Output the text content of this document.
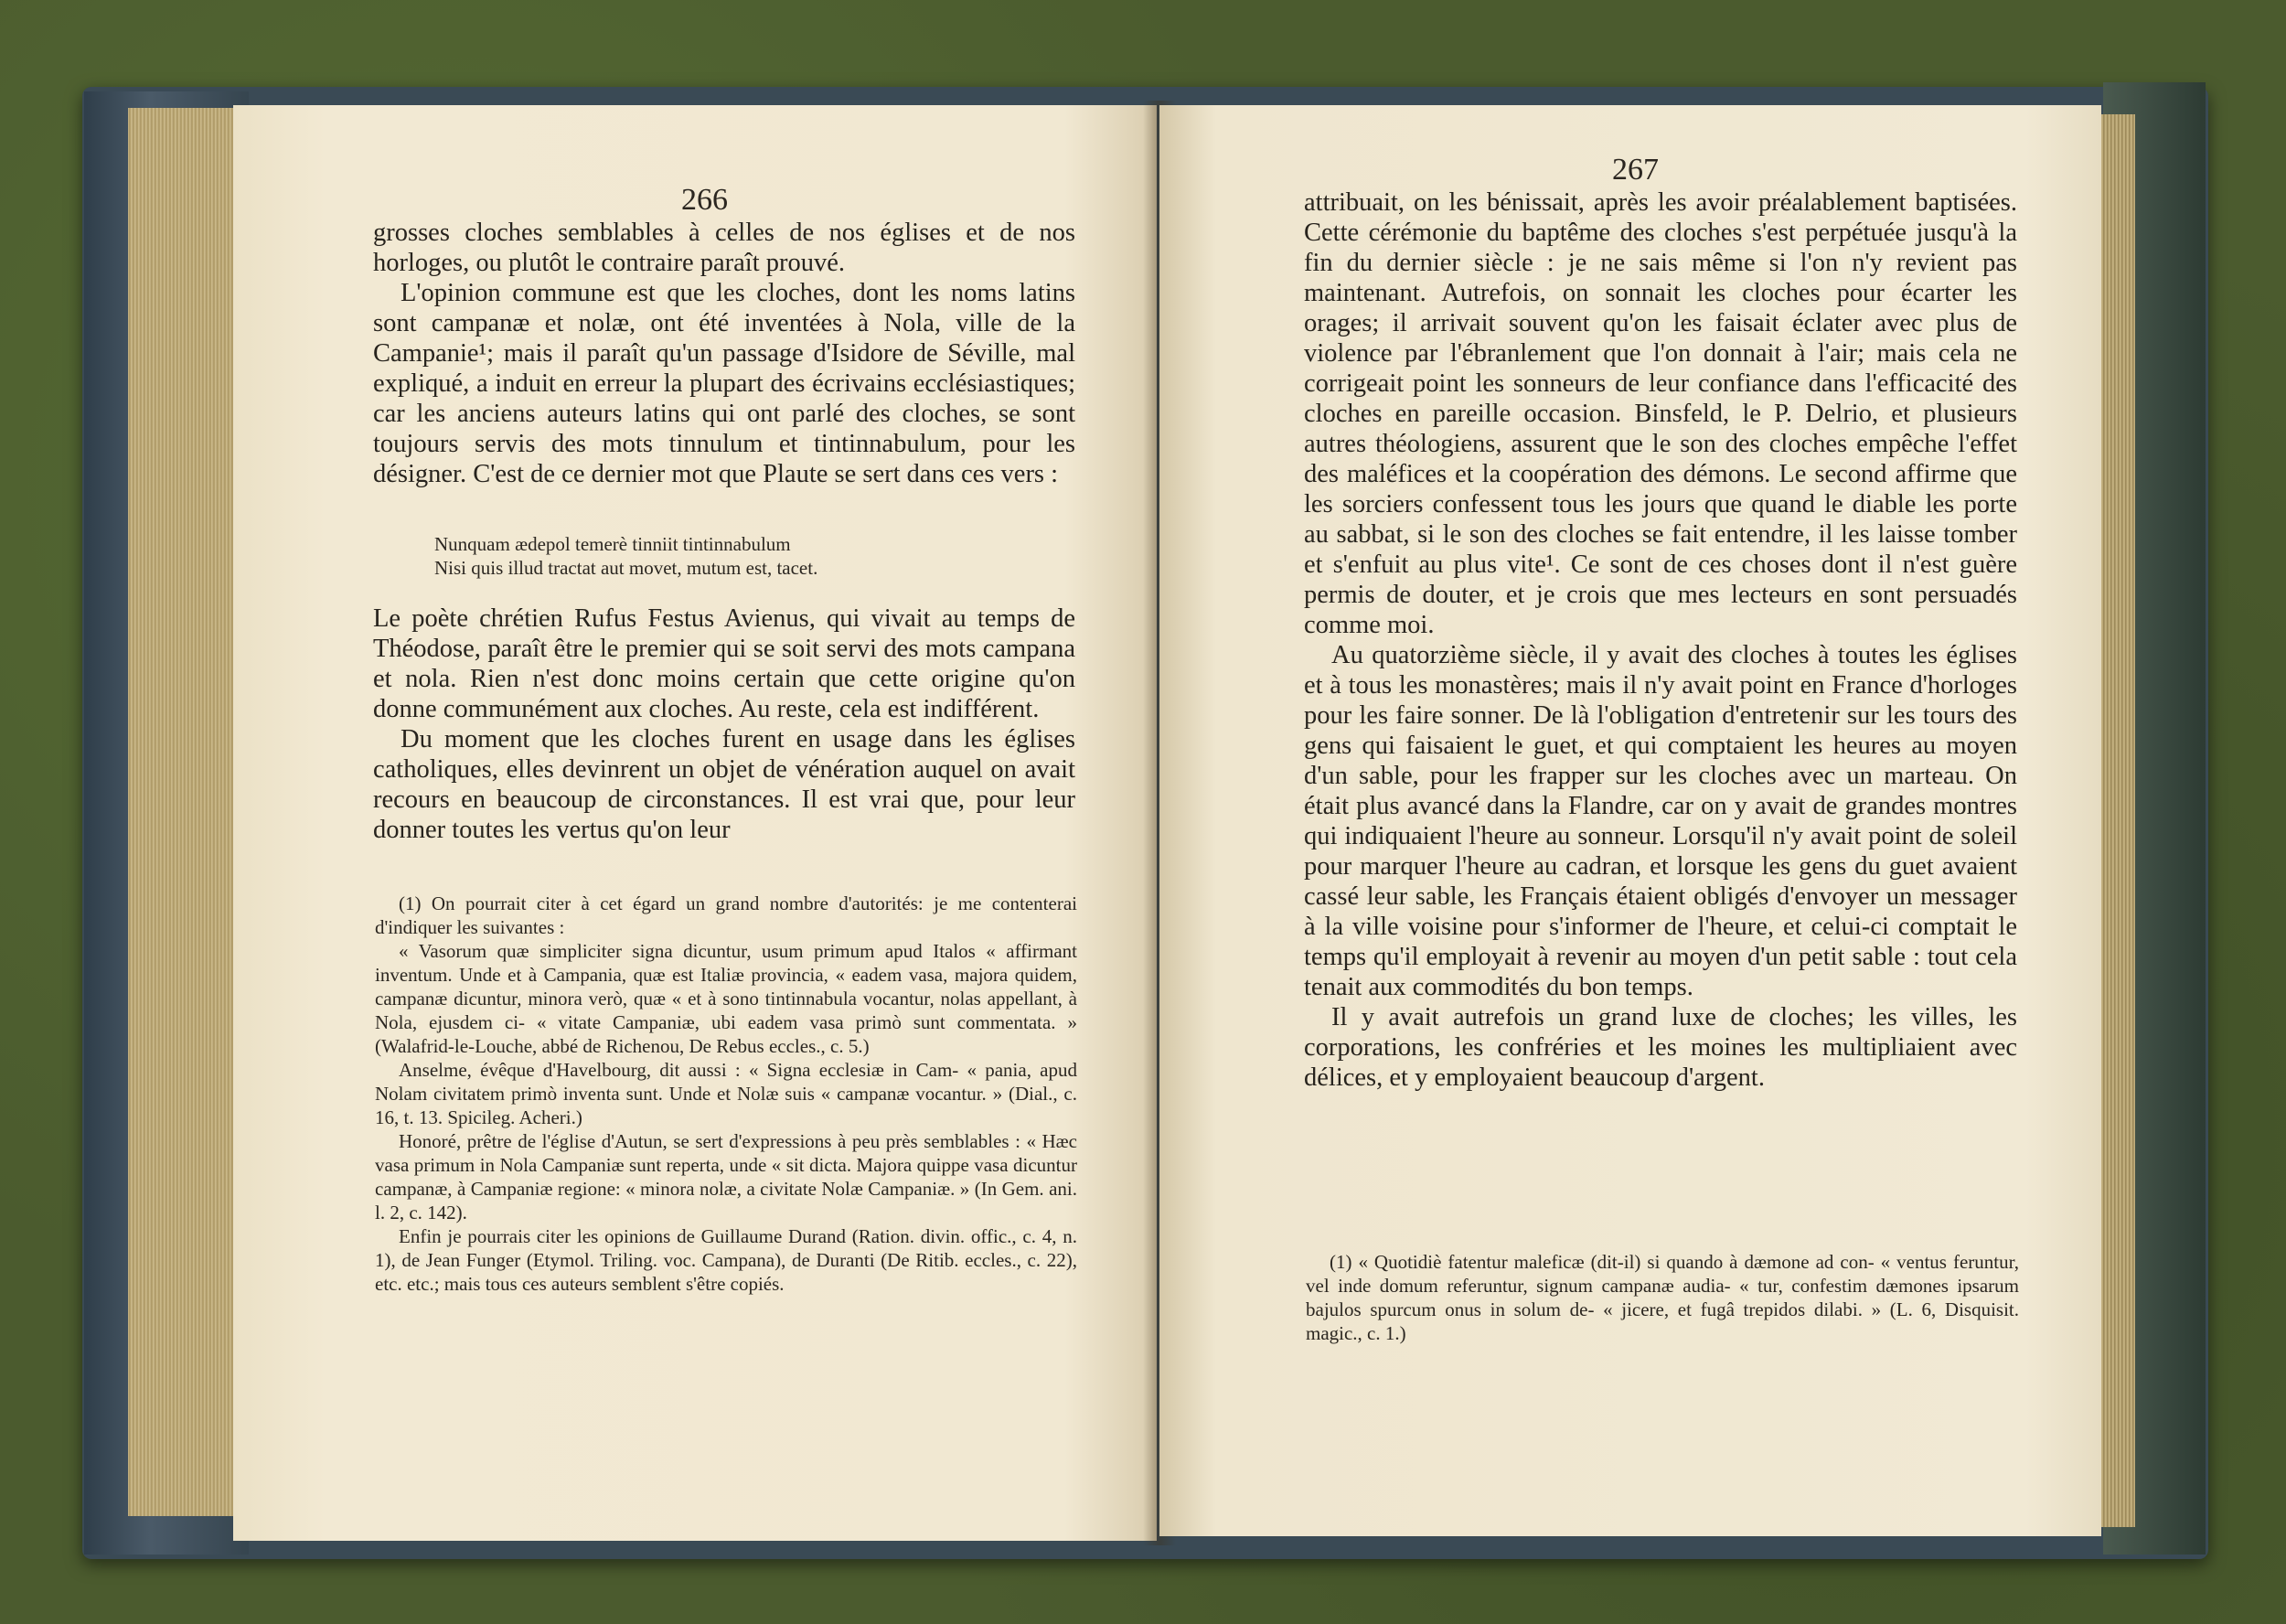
266

grosses cloches semblables à celles de nos églises et de nos horloges, ou plutôt le contraire paraît prouvé.

L'opinion commune est que les cloches, dont les noms latins sont campanæ et nolæ, ont été inventées à Nola, ville de la Campanie¹; mais il paraît qu'un passage d'Isidore de Séville, mal expliqué, a induit en erreur la plupart des écrivains ecclésiastiques; car les anciens auteurs latins qui ont parlé des cloches, se sont toujours servis des mots tinnulum et tintinnabulum, pour les désigner. C'est de ce dernier mot que Plaute se sert dans ces vers :

Nunquam ædepol temerè tinniit tintinnabulum
Nisi quis illud tractat aut movet, mutum est, tacet.

Le poète chrétien Rufus Festus Avienus, qui vivait au temps de Théodose, paraît être le premier qui se soit servi des mots campana et nola. Rien n'est donc moins certain que cette origine qu'on donne communément aux cloches. Au reste, cela est indifférent.

Du moment que les cloches furent en usage dans les églises catholiques, elles devinrent un objet de vénération auquel on avait recours en beaucoup de circonstances. Il est vrai que, pour leur donner toutes les vertus qu'on leur

(1) On pourrait citer à cet égard un grand nombre d'autorités: je me contenterai d'indiquer les suivantes :

« Vasorum quæ simpliciter signa dicuntur, usum primum apud Italos « affirmant inventum. Unde et à Campania, quæ est Italiæ provincia, « eadem vasa, majora quidem, campanæ dicuntur, minora verò, quæ « et à sono tintinnabula vocantur, nolas appellant, à Nola, ejusdem ci- « vitate Campaniæ, ubi eadem vasa primò sunt commentata. » (Walafrid-le-Louche, abbé de Richenou, De Rebus eccles., c. 5.)

Anselme, évêque d'Havelbourg, dit aussi : « Signa ecclesiæ in Cam- « pania, apud Nolam civitatem primò inventa sunt. Unde et Nolæ suis « campanæ vocantur. » (Dial., c. 16, t. 13. Spicileg. Acheri.)

Honoré, prêtre de l'église d'Autun, se sert d'expressions à peu près semblables : « Hæc vasa primum in Nola Campaniæ sunt reperta, unde « sit dicta. Majora quippe vasa dicuntur campanæ, à Campaniæ regione: « minora nolæ, a civitate Nolæ Campaniæ. » (In Gem. ani. l. 2, c. 142).

Enfin je pourrais citer les opinions de Guillaume Durand (Ration. divin. offic., c. 4, n. 1), de Jean Funger (Etymol. Triling. voc. Campana), de Duranti (De Ritib. eccles., c. 22), etc. etc.; mais tous ces auteurs semblent s'être copiés.

267

attribuait, on les bénissait, après les avoir préalablement baptisées. Cette cérémonie du baptême des cloches s'est perpétuée jusqu'à la fin du dernier siècle : je ne sais même si l'on n'y revient pas maintenant. Autrefois, on sonnait les cloches pour écarter les orages; il arrivait souvent qu'on les faisait éclater avec plus de violence par l'ébranlement que l'on donnait à l'air; mais cela ne corrigeait point les sonneurs de leur confiance dans l'efficacité des cloches en pareille occasion. Binsfeld, le P. Delrio, et plusieurs autres théologiens, assurent que le son des cloches empêche l'effet des maléfices et la coopération des démons. Le second affirme que les sorciers confessent tous les jours que quand le diable les porte au sabbat, si le son des cloches se fait entendre, il les laisse tomber et s'enfuit au plus vite¹. Ce sont de ces choses dont il n'est guère permis de douter, et je crois que mes lecteurs en sont persuadés comme moi.

Au quatorzième siècle, il y avait des cloches à toutes les églises et à tous les monastères; mais il n'y avait point en France d'horloges pour les faire sonner. De là l'obligation d'entretenir sur les tours des gens qui faisaient le guet, et qui comptaient les heures au moyen d'un sable, pour les frapper sur les cloches avec un marteau. On était plus avancé dans la Flandre, car on y avait de grandes montres qui indiquaient l'heure au sonneur. Lorsqu'il n'y avait point de soleil pour marquer l'heure au cadran, et lorsque les gens du guet avaient cassé leur sable, les Français étaient obligés d'envoyer un messager à la ville voisine pour s'informer de l'heure, et celui-ci comptait le temps qu'il employait à revenir au moyen d'un petit sable : tout cela tenait aux commodités du bon temps.

Il y avait autrefois un grand luxe de cloches; les villes, les corporations, les confréries et les moines les multipliaient avec délices, et y employaient beaucoup d'argent.

(1) « Quotidiè fatentur maleficæ (dit-il) si quando à dæmone ad con- « ventus feruntur, vel inde domum referuntur, signum campanæ audia- « tur, confestim dæmones ipsarum bajulos spurcum onus in solum de- « jicere, et fugâ trepidos dilabi. » (L. 6, Disquisit. magic., c. 1.)
